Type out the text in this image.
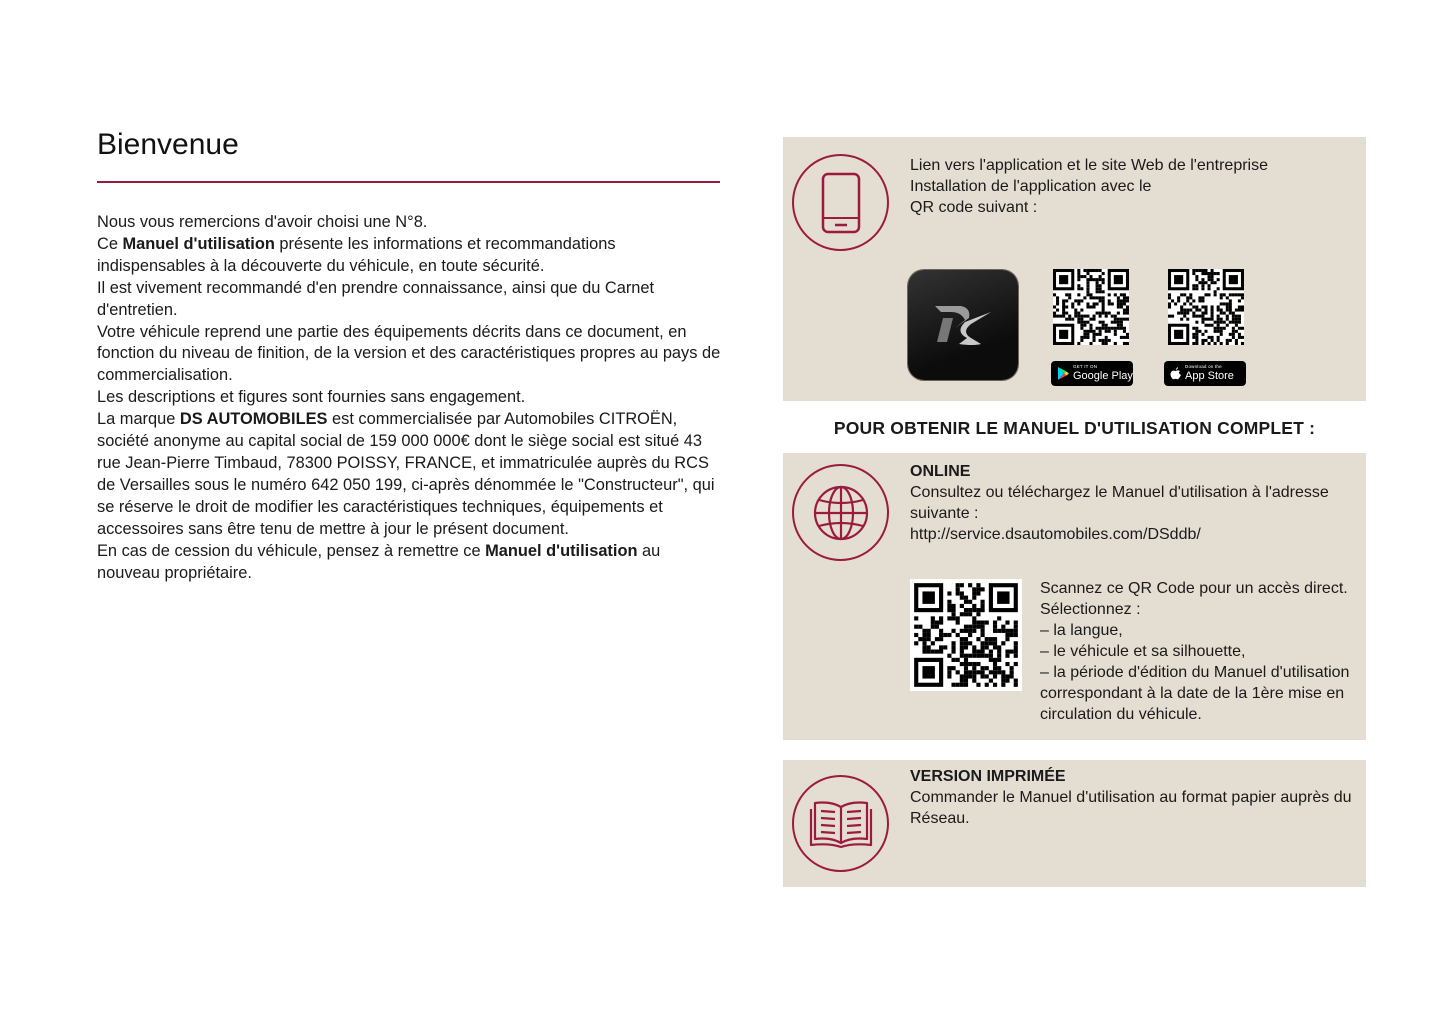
Bienvenue

Nous vous remercions d'avoir choisi une N°8.

Ce Manuel d'utilisation présente les informations et recommandations indispensables à la découverte du véhicule, en toute sécurité.

Il est vivement recommandé d'en prendre connaissance, ainsi que du Carnet d'entretien.

Votre véhicule reprend une partie des équipements décrits dans ce document, en fonction du niveau de finition, de la version et des caractéristiques propres au pays de commercialisation.

Les descriptions et figures sont fournies sans engagement.

La marque DS AUTOMOBILES est commercialisée par Automobiles CITROËN, société anonyme au capital social de 159 000 000€ dont le siège social est situé 43 rue Jean-Pierre Timbaud, 78300 POISSY, FRANCE, et immatriculée auprès du RCS de Versailles sous le numéro 642 050 199, ci-après dénommée le "Constructeur", qui se réserve le droit de modifier les caractéristiques techniques, équipements et accessoires sans être tenu de mettre à jour le présent document.

En cas de cession du véhicule, pensez à remettre ce Manuel d'utilisation au nouveau propriétaire.

Lien vers l'application et le site Web de l'entreprise
Installation de l'application avec le
QR code suivant :
GET IT ON
Google Play
Download on the
App Store
POUR OBTENIR LE MANUEL D'UTILISATION COMPLET :
ONLINE
Consultez ou téléchargez le Manuel d'utilisation à l'adresse suivante :
http://service.dsautomobiles.com/DSddb/
Scannez ce QR Code pour un accès direct.
Sélectionnez :
– la langue,
– le véhicule et sa silhouette,
– la période d'édition du Manuel d'utilisation correspondant à la date de la 1ère mise en circulation du véhicule.
VERSION IMPRIMÉE
Commander le Manuel d'utilisation au format papier auprès du Réseau.
